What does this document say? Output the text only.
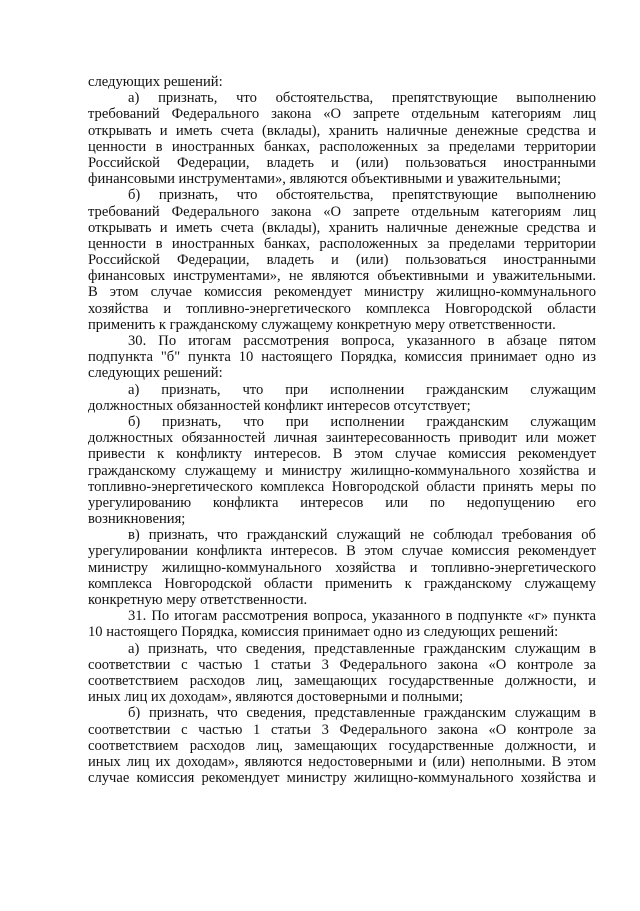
следующих решений:
а) признать, что обстоятельства, препятствующие выполнению
требований Федерального закона «О запрете отдельным категориям лиц
открывать и иметь счета (вклады), хранить наличные денежные средства и
ценности в иностранных банках, расположенных за пределами территории
Российской Федерации, владеть и (или) пользоваться иностранными
финансовыми инструментами», являются объективными и уважительными;
б) признать, что обстоятельства, препятствующие выполнению
требований Федерального закона «О запрете отдельным категориям лиц
открывать и иметь счета (вклады), хранить наличные денежные средства и
ценности в иностранных банках, расположенных за пределами территории
Российской Федерации, владеть и (или) пользоваться иностранными
финансовых инструментами», не являются объективными и уважительными.
В этом случае комиссия рекомендует министру жилищно-коммунального
хозяйства и топливно-энергетического комплекса Новгородской области
применить к гражданскому служащему конкретную меру ответственности.
30. По итогам рассмотрения вопроса, указанного в абзаце пятом
подпункта "б" пункта 10 настоящего Порядка, комиссия принимает одно из
следующих решений:
а) признать, что при исполнении гражданским служащим
должностных обязанностей конфликт интересов отсутствует;
б) признать, что при исполнении гражданским служащим
должностных обязанностей личная заинтересованность приводит или может
привести к конфликту интересов. В этом случае комиссия рекомендует
гражданскому служащему и министру жилищно-коммунального хозяйства и
топливно-энергетического комплекса Новгородской области принять меры по
урегулированию конфликта интересов или по недопущению его
возникновения;
в) признать, что гражданский служащий не соблюдал требования об
урегулировании конфликта интересов. В этом случае комиссия рекомендует
министру жилищно-коммунального хозяйства и топливно-энергетического
комплекса Новгородской области применить к гражданскому служащему
конкретную меру ответственности.
31. По итогам рассмотрения вопроса, указанного в подпункте «г» пункта
10 настоящего Порядка, комиссия принимает одно из следующих решений:
а) признать, что сведения, представленные гражданским служащим в
соответствии с частью 1 статьи 3 Федерального закона «О контроле за
соответствием расходов лиц, замещающих государственные должности, и
иных лиц их доходам», являются достоверными и полными;
б) признать, что сведения, представленные гражданским служащим в
соответствии с частью 1 статьи 3 Федерального закона «О контроле за
соответствием расходов лиц, замещающих государственные должности, и
иных лиц их доходам», являются недостоверными и (или) неполными. В этом
случае комиссия рекомендует министру жилищно-коммунального хозяйства и
